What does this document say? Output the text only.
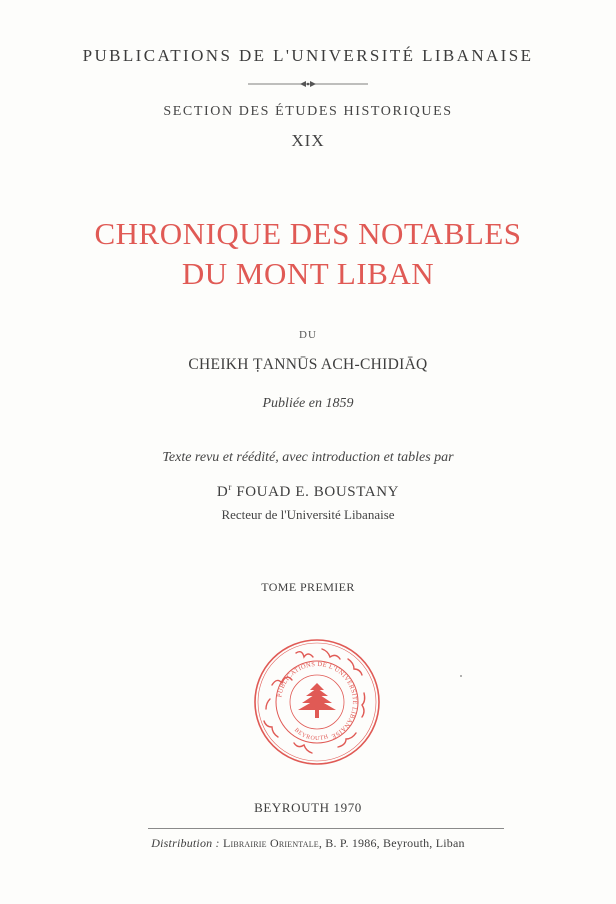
PUBLICATIONS DE L'UNIVERSITÉ LIBANAISE
SECTION DES ÉTUDES HISTORIQUES
XIX
CHRONIQUE DES NOTABLES
DU MONT LIBAN
DU
CHEIKH ṬANNŪS ACH-CHIDIĀQ
Publiée en 1859
Texte revu et réédité, avec introduction et tables par
$D^r$ FOUAD E. BOUSTANY
Recteur de l'Université Libanaise
TOME PREMIER
PUBLICATIONS DE L'UNIVERSITÉ LIBANAISE
BEYROUTH
BEYROUTH 1970
Distribution : Librairie Orientale, B. P. 1986, Beyrouth, Liban
